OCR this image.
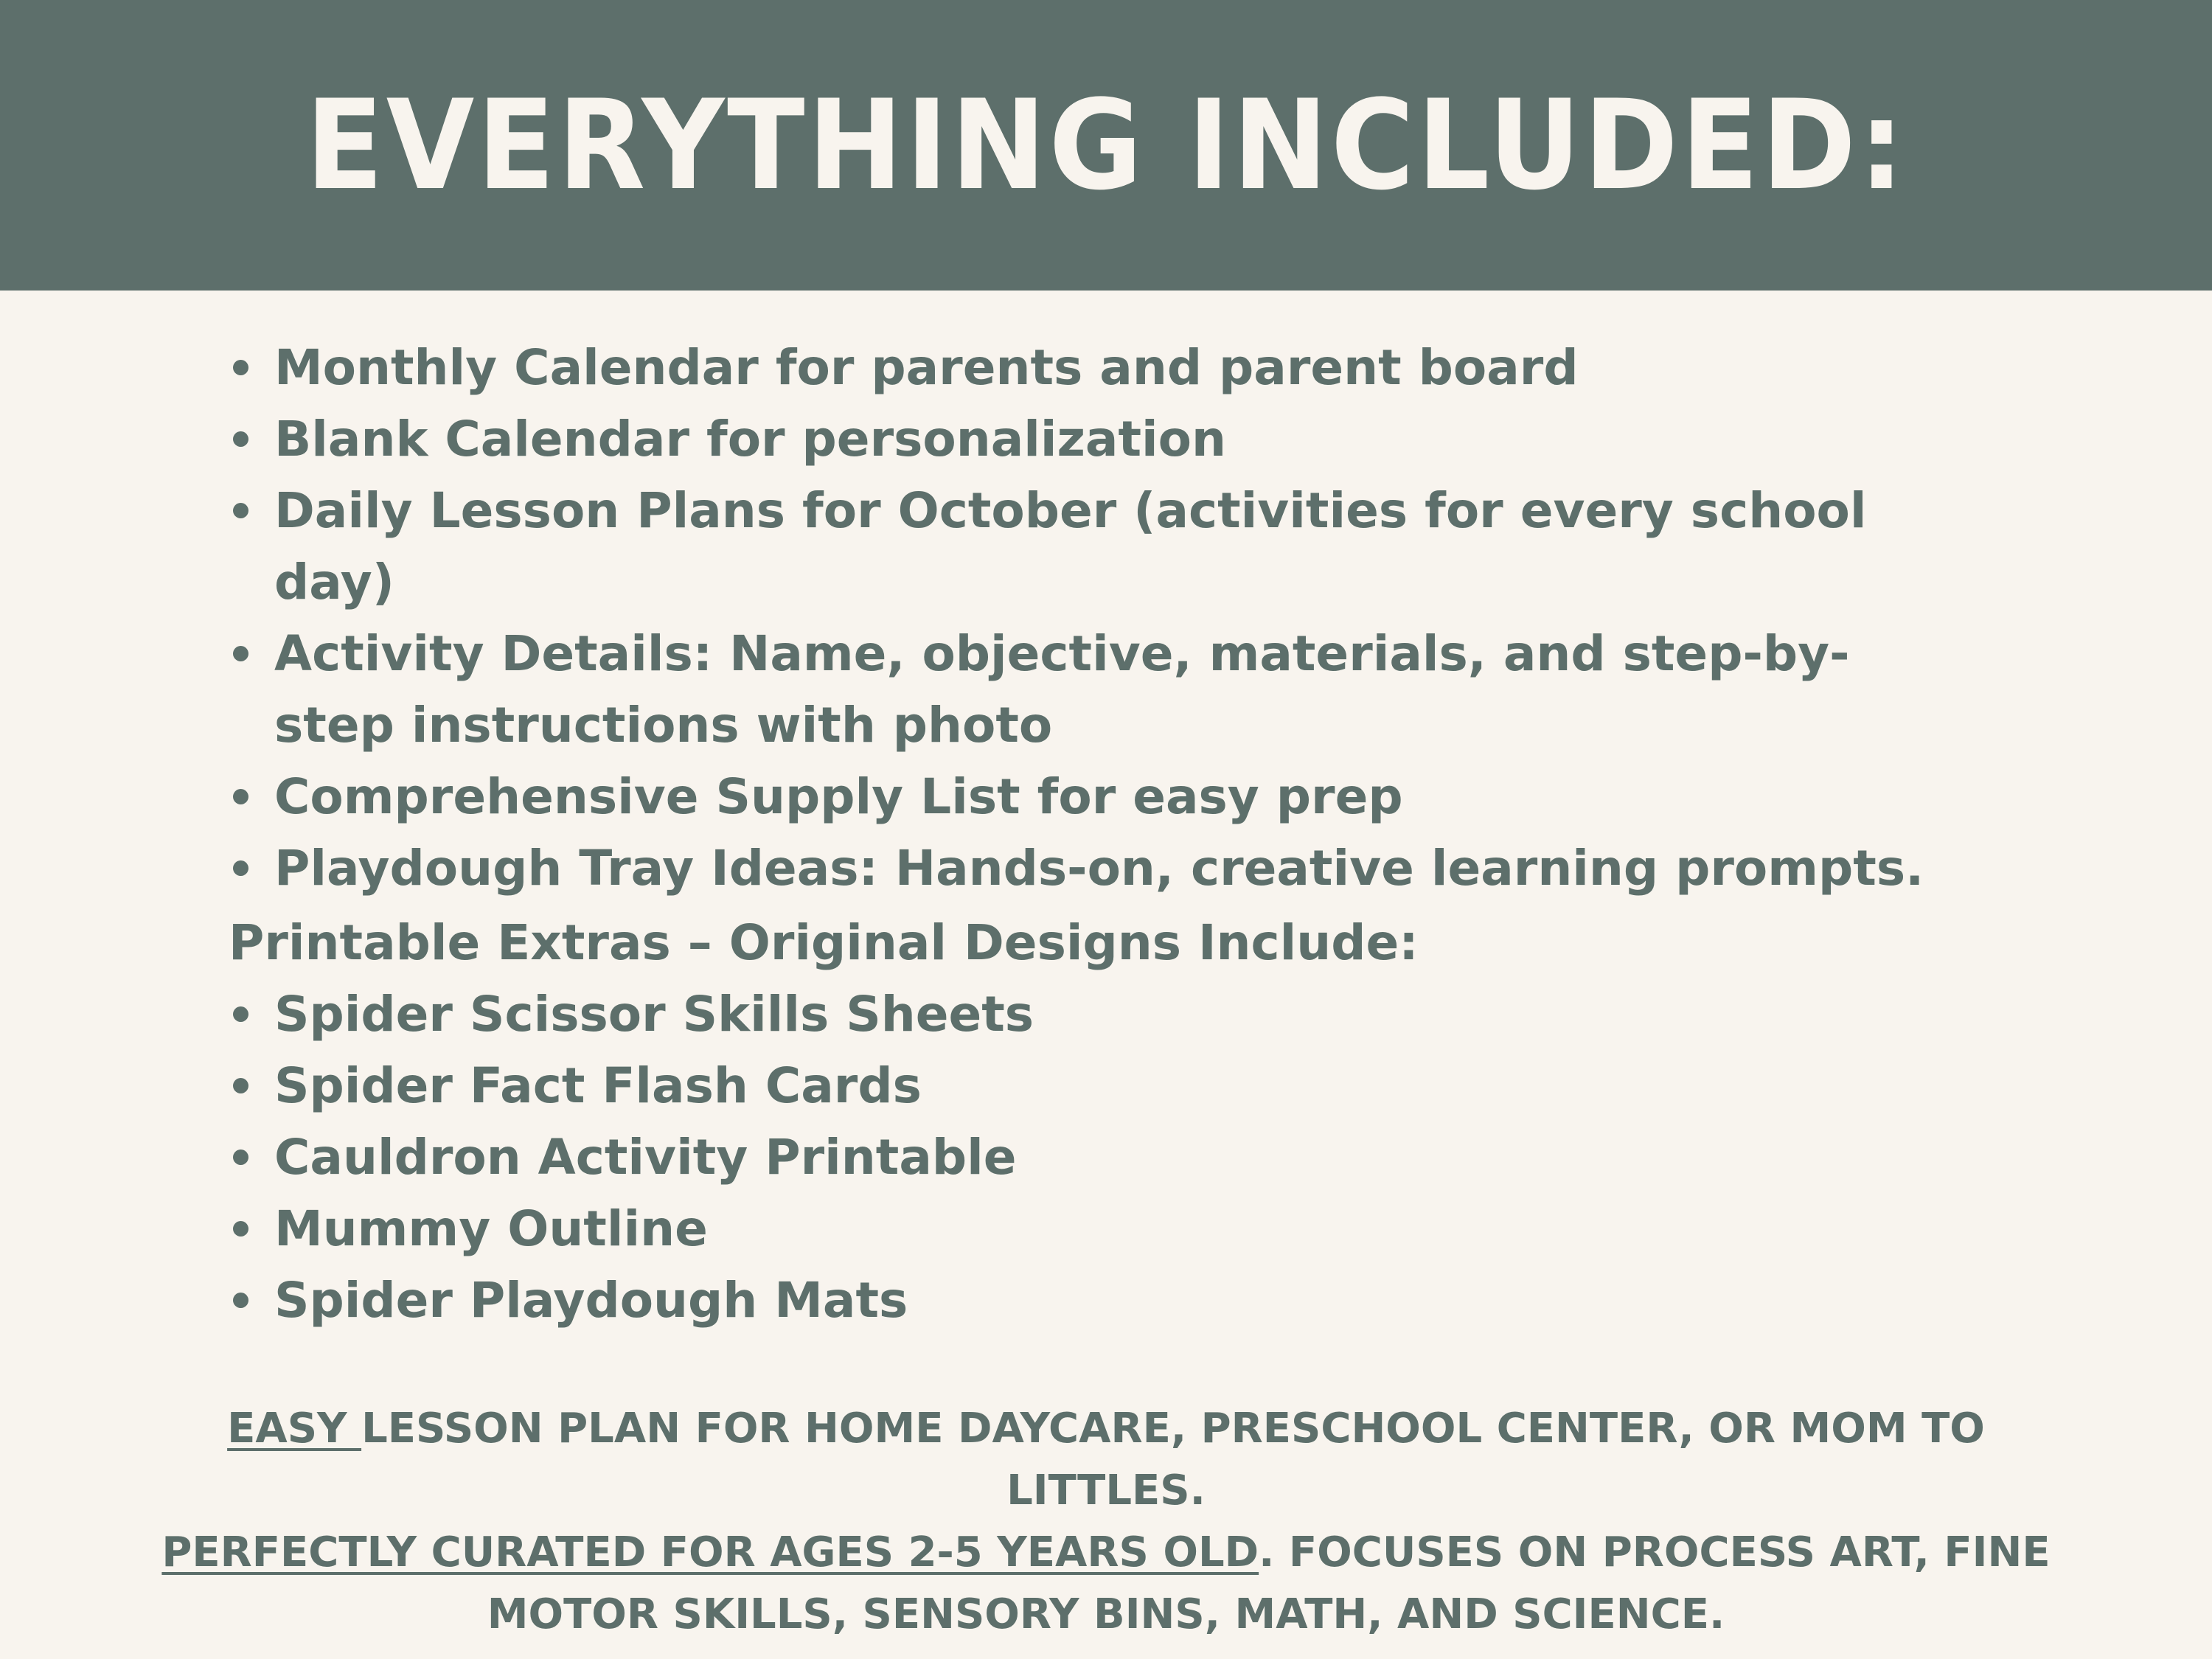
EVERYTHING INCLUDED:
Monthly Calendar for parents and parent board
Blank Calendar for personalization
Daily Lesson Plans for October (activities for every school day)
Activity Details: Name, objective, materials, and step-by-step instructions with photo
Comprehensive Supply List for easy prep
Playdough Tray Ideas: Hands-on, creative learning prompts.

Printable Extras – Original Designs Include:

Spider Scissor Skills Sheets
Spider Fact Flash Cards
Cauldron Activity Printable
Mummy Outline
Spider Playdough Mats

EASY LESSON PLAN FOR HOME DAYCARE, PRESCHOOL CENTER, OR MOM TO LITTLES.
PERFECTLY CURATED FOR AGES 2-5 YEARS OLD. FOCUSES ON PROCESS ART, FINE MOTOR SKILLS, SENSORY BINS, MATH, AND SCIENCE.
